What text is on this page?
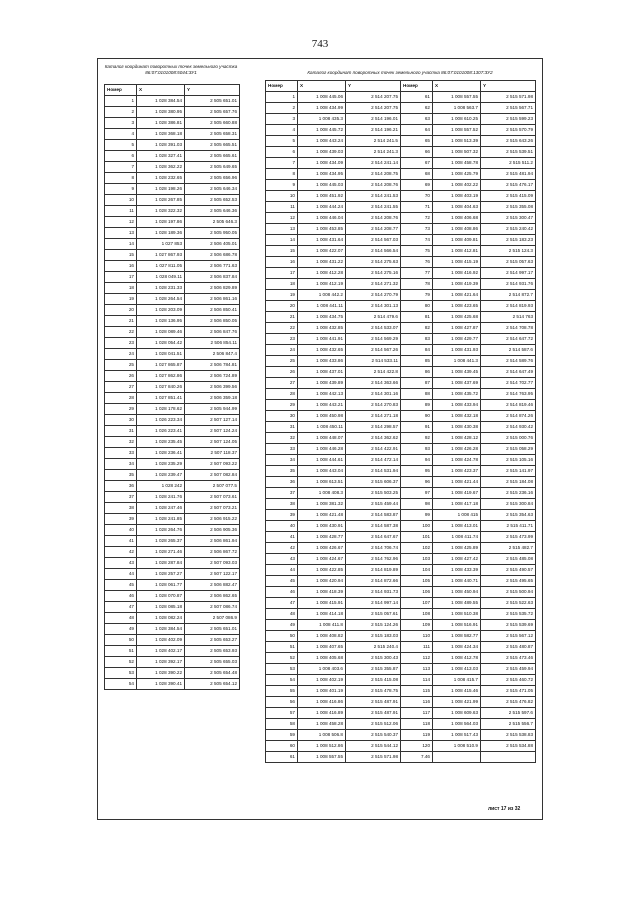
743
Каталог координат поворотных точек земельного участка 86:07:0101008:5044:ЗУ1
Номер	X	Y
1	1 028 384.54	2 505 651.01
2	1 028 380.95	2 505 657.76
3	1 028 386.81	2 505 660.88
4	1 028 368.18	2 505 658.31
5	1 028 391.03	2 505 665.51
6	1 028 327.41	2 505 665.61
7	1 028 362.22	2 505 649.65
8	1 028 232.65	2 505 656.96
9	1 028 198.26	2 505 646.34
10	1 028 267.85	2 505 652.53
11	1 028 322.32	2 505 646.36
12	1 028 197.86	2 505 646.3
13	1 028 189.36	2 505 950.05
14	1 027 853	2 506 405.01
15	1 027 867.93	2 506 686.78
16	1 027 811.05	2 506 771.63
17	1 028 049.11	2 506 837.84
18	1 028 231.33	2 506 829.89
19	1 028 264.54	2 506 861.16
20	1 028 203.09	2 506 850.41
21	1 028 136.95	2 506 850.05
22	1 028 089.46	2 506 847.76
23	1 028 054.42	2 506 854.11
24	1 028 041.51	2 506 847.4
25	1 027 865.87	2 506 784.81
26	1 027 862.86	2 506 724.89
27	1 027 840.26	2 506 399.56
28	1 027 851.41	2 506 359.18
29	1 028 178.62	2 505 944.99
30	1 026 223.34	2 507 127.14
31	1 026 223.41	2 507 124.24
32	1 028 235.45	2 507 124.05
33	1 028 236.41	2 507 118.37
34	1 028 235.29	2 507 093.22
35	1 028 239.47	2 507 082.84
36	1 028 242	2 507 077.5
37	1 028 241.76	2 507 073.61
38	1 028 247.46	2 507 073.21
39	1 028 241.85	2 506 915.22
40	1 028 264.76	2 506 905.36
41	1 028 265.37	2 506 861.94
42	1 028 271.46	2 506 867.72
43	1 028 287.84	2 507 093.03
44	1 028 257.27	2 507 122.17
45	1 028 061.77	2 506 882.47
46	1 028 070.87	2 506 862.65
47	1 028 085.18	2 507 086.74
48	1 028 082.24	2 507 086.9
49	1 028 384.54	2 505 651.01
50	1 028 402.09	2 505 653.27
51	1 028 402.17	2 505 653.93
52	1 028 392.17	2 505 655.03
53	1 028 390.22	2 505 654.48
54	1 028 390.41	2 505 654.12
Каталог координат поворотных точек земельного участка 86:07:0101008:1307:ЗУ2
Номер	X	Y	Номер	X	Y
1	1 008 445.06	2 514 207.75	61	1 008 557.55	2 515 571.98
2	1 008 434.99	2 514 207.75	62	1 008 563.7	2 515 567.71
3	1 008 435.3	2 514 196.01	63	1 008 610.25	2 515 599.23
4	1 008 445.72	2 514 196.21	64	1 008 557.52	2 515 570.79
5	1 008 443.24	2 514 241.5	65	1 008 513.39	2 515 643.26
6	1 008 439.03	2 514 241.3	66	1 008 507.32	2 515 539.51
7	1 008 434.09	2 514 241.14	67	1 008 458.78	2 515 511.2
8	1 008 434.95	2 514 208.75	68	1 008 425.79	2 515 481.94
9	1 008 445.03	2 514 208.76	69	1 008 402.22	2 515 476.17
10	1 008 451.92	2 514 241.53	70	1 008 403.19	2 515 415.09
11	1 008 444.24	2 514 241.55	71	1 008 404.63	2 515 355.08
12	1 008 446.04	2 514 208.76	72	1 008 406.68	2 515 300.47
13	1 008 453.85	2 514 208.77	73	1 008 408.86	2 515 240.42
14	1 008 431.64	2 514 567.03	74	1 008 409.81	2 515 183.23
15	1 008 422.07	2 514 566.54	75	1 008 412.81	2 515 124.3
16	1 008 431.22	2 514 275.63	76	1 008 415.19	2 515 057.63
17	1 008 412.28	2 514 275.16	77	1 008 416.92	2 514 997.17
18	1 008 412.19	2 514 271.32	78	1 008 419.39	2 514 931.76
19	1 008 442.2	2 514 270.79	79	1 008 421.64	2 514 872.7
20	1 008 441.11	2 514 301.13	80	1 008 423.65	2 514 819.93
21	1 008 434.75	2 514 479.6	81	1 008 425.68	2 514 763
22	1 008 432.85	2 514 533.07	82	1 008 427.87	2 514 708.78
23	1 008 441.91	2 514 569.29	83	1 008 429.77	2 514 647.72
24	1 008 432.65	2 514 567.26	84	1 008 431.93	2 514 587.6
25	1 008 433.86	2 514 533.11	85	1 008 441.3	2 514 589.76
26	1 008 437.01	2 514 422.8	86	1 008 439.45	2 514 647.49
27	1 008 439.89	2 514 363.66	87	1 008 437.69	2 514 702.77
28	1 008 442.13	2 514 301.16	88	1 008 435.72	2 514 763.95
29	1 008 443.21	2 514 270.83	89	1 008 433.94	2 514 819.46
30	1 008 450.98	2 514 271.18	90	1 008 432.18	2 514 874.26
31	1 008 450.11	2 514 298.57	91	1 008 430.38	2 514 930.42
32	1 008 448.07	2 514 362.62	92	1 008 428.12	2 515 000.76
33	1 008 446.28	2 514 422.91	93	1 008 426.28	2 515 058.29
34	1 008 444.61	2 514 472.14	94	1 008 424.78	2 515 105.16
35	1 008 443.04	2 514 531.94	95	1 008 423.37	2 515 141.97
36	1 008 613.51	2 515 606.37	96	1 008 421.44	2 515 184.08
37	1 008 408.3	2 515 503.25	97	1 008 419.67	2 515 236.16
38	1 008 381.32	2 515 459.44	98	1 008 417.18	2 515 300.84
39	1 008 421.48	2 514 583.87	99	1 008 415	2 515 354.63
40	1 008 430.91	2 514 587.38	100	1 008 413.01	2 515 411.71
41	1 008 428.77	2 514 647.67	101	1 008 411.74	2 515 473.99
42	1 008 426.67	2 514 706.74	102	1 008 425.89	2 515 482.7
43	1 008 424.67	2 514 762.96	103	1 008 427.42	2 515 485.08
44	1 008 422.85	2 514 819.89	104	1 008 433.39	2 515 490.57
45	1 008 420.94	2 514 872.66	105	1 008 440.71	2 515 495.65
46	1 008 418.39	2 514 931.73	106	1 008 450.94	2 515 500.94
47	1 008 415.91	2 514 997.14	107	1 008 489.55	2 515 522.63
48	1 008 414.18	2 515 057.61	108	1 008 510.38	2 515 535.72
49	1 008 411.8	2 515 124.26	109	1 008 516.91	2 515 539.69
50	1 008 408.82	2 515 183.03	110	1 008 582.77	2 515 567.12
51	1 008 407.65	2 515 240.4	111	1 008 424.34	2 515 480.87
52	1 008 405.68	2 515 300.43	112	1 008 412.78	2 515 473.46
53	1 008 403.6	2 515 355.87	113	1 008 413.03	2 515 459.94
54	1 008 402.19	2 515 415.08	114	1 008 415.7	2 515 460.72
55	1 008 401.19	2 515 478.75	115	1 008 415.46	2 515 471.05
56	1 008 416.86	2 515 487.91	116	1 008 421.99	2 515 476.82
57	1 008 416.89	2 515 487.91	117	1 008 609.63	2 515 597.6
58	1 008 458.28	2 515 512.06	118	1 008 564.03	2 515 556.7
59	1 008 506.8	2 515 540.37	119	1 008 517.43	2 515 538.83
60	1 008 512.86	2 515 544.12	120	1 008 510.9	2 515 534.88
61	1 008 557.55	2 515 571.98	7.46		
лист 17 из 32
